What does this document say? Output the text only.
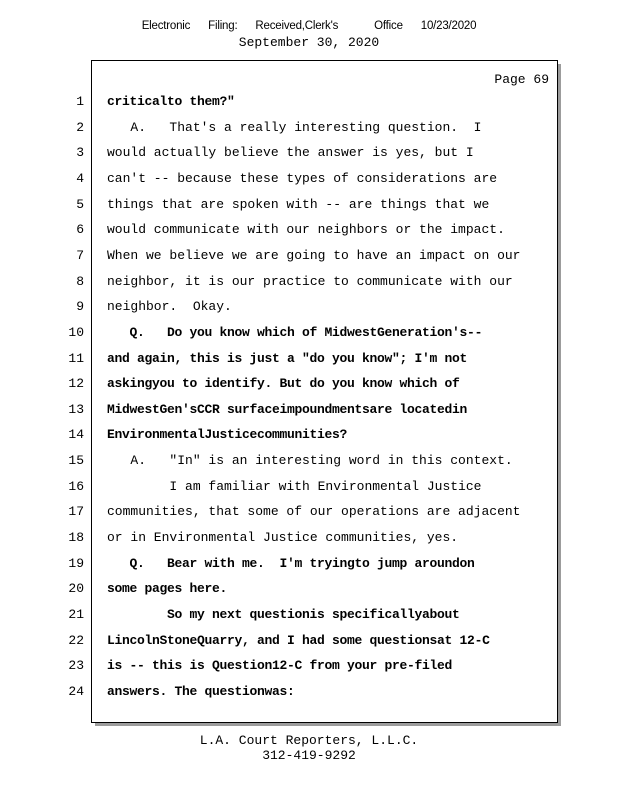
Electronic  Filing:  Received,Clerk's    Office  10/23/2020
September 30, 2020
Page 69
1 criticalto them?"
2 A.   That's a really interesting question.  I
3 would actually believe the answer is yes, but I
4 can't -- because these types of considerations are
5 things that are spoken with -- are things that we
6 would communicate with our neighbors or the impact.
7 When we believe we are going to have an impact on our
8 neighbor, it is our practice to communicate with our
9 neighbor.  Okay.
10 Q.   Do you know which of MidwestGeneration's--
11 and again, this is just a "do you know"; I'm not
12 askingyou to identify. But do you know which of
13 MidwestGen'sCCR surfaceimpoundmentsare locatedin
14 EnvironmentalJusticecommunities?
15 A.   "In" is an interesting word in this context.
16 I am familiar with Environmental Justice
17 communities, that some of our operations are adjacent
18 or in Environmental Justice communities, yes.
19 Q.   Bear with me.  I'm tryingto jump aroundon
20 some pages here.
21 So my next questionis specificallyabout
22 LincolnStoneQuarry, and I had some questionsat 12-C
23 is -- this is Question12-C from your pre-filed
24 answers. The questionwas:
L.A. Court Reporters, L.L.C.
312-419-9292
